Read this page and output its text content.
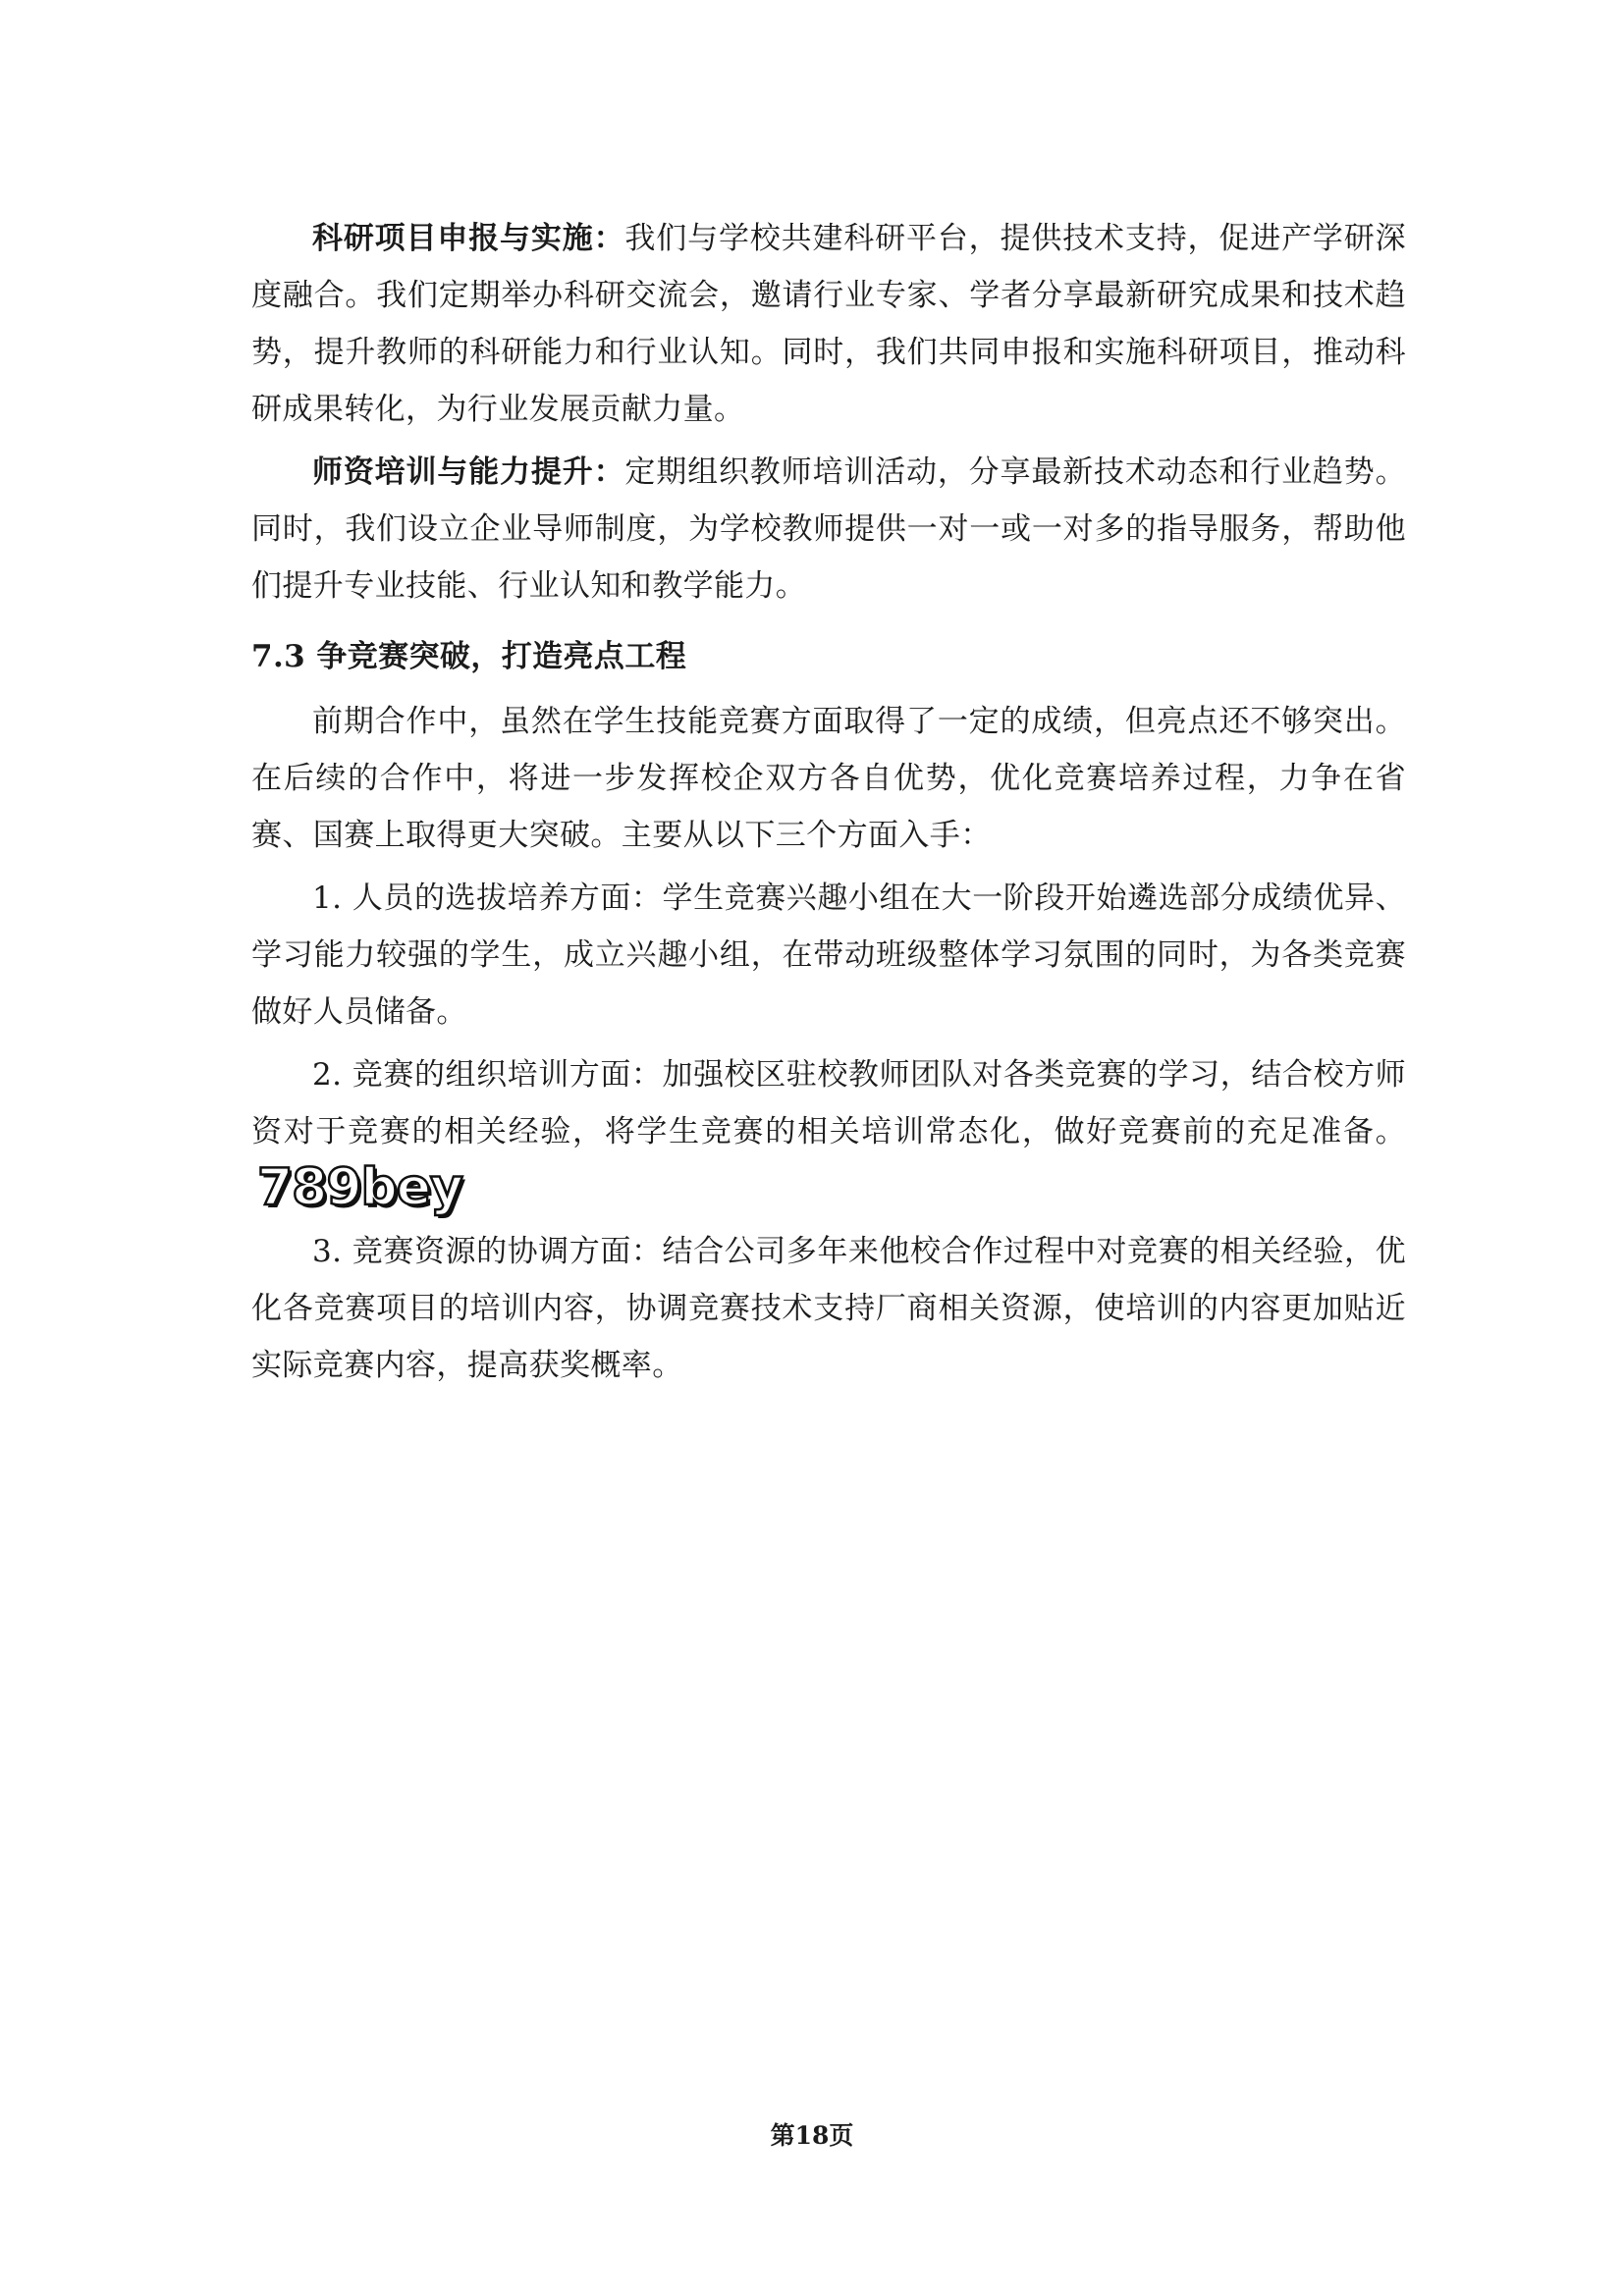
科研项目申报与实施：我们与学校共建科研平台，提供技术支持，促进产学研深度融合。我们定期举办科研交流会，邀请行业专家、学者分享最新研究成果和技术趋势，提升教师的科研能力和行业认知。同时，我们共同申报和实施科研项目，推动科研成果转化，为行业发展贡献力量。

师资培训与能力提升：定期组织教师培训活动，分享最新技术动态和行业趋势。同时，我们设立企业导师制度，为学校教师提供一对一或一对多的指导服务，帮助他们提升专业技能、行业认知和教学能力。

7.3 争竞赛突破，打造亮点工程

前期合作中，虽然在学生技能竞赛方面取得了一定的成绩，但亮点还不够突出。在后续的合作中，将进一步发挥校企双方各自优势，优化竞赛培养过程，力争在省赛、国赛上取得更大突破。主要从以下三个方面入手：

1. 人员的选拔培养方面：学生竞赛兴趣小组在大一阶段开始遴选部分成绩优异、学习能力较强的学生，成立兴趣小组，在带动班级整体学习氛围的同时，为各类竞赛做好人员储备。

2. 竞赛的组织培训方面：加强校区驻校教师团队对各类竞赛的学习，结合校方师资对于竞赛的相关经验，将学生竞赛的相关培训常态化，做好竞赛前的充足准备。789bey

3. 竞赛资源的协调方面：结合公司多年来他校合作过程中对竞赛的相关经验，优化各竞赛项目的培训内容，协调竞赛技术支持厂商相关资源，使培训的内容更加贴近实际竞赛内容，提高获奖概率。

第18页
